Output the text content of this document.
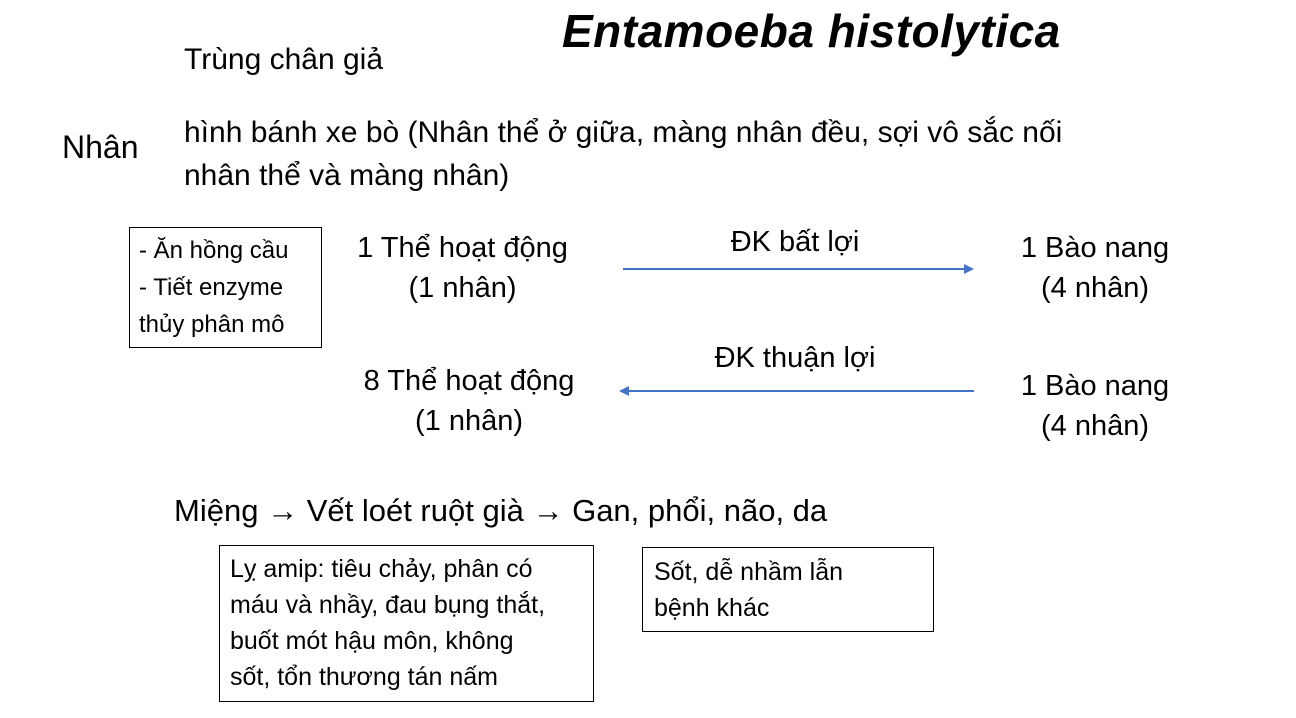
Entamoeba histolytica
Trùng chân giả
Nhân hình bánh xe bò (Nhân thể ở giữa, màng nhân đều, sợi vô sắc nối
nhân thể và màng nhân)
- Ăn hồng cầu
- Tiết enzyme
thủy phân mô
1 Thể hoạt động
(1 nhân)
ĐK bất lợi	1 Bào nang
(4 nhân)
8 Thể hoạt động
(1 nhân)
ĐK thuận lợi
1 Bào nang
(4 nhân)
Miệng → Vết loét ruột già → Gan, phổi, não, da
Lỵ amip: tiêu chảy, phân có
máu và nhầy, đau bụng thắt,
buốt mót hậu môn, không
sốt, tổn thương tán nấm
Sốt, dễ nhầm lẫn
bệnh khác
